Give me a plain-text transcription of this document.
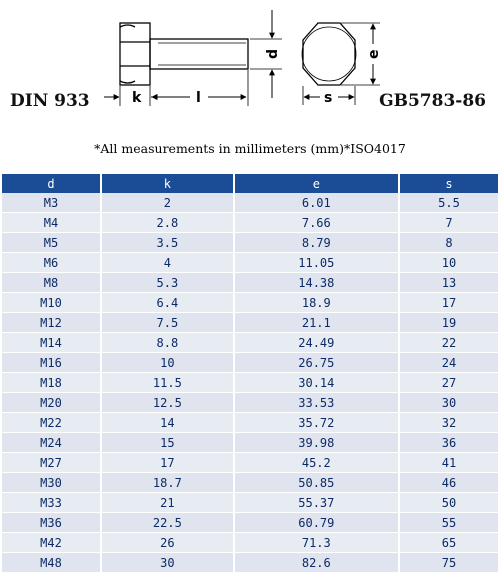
k	l
d
s
e
DIN 933	GB5783-86
*All measurements in millimeters (mm)*ISO4017
d	k	e	s
M3	2	6.01	5.5
M4	2.8	7.66	7
M5	3.5	8.79	8
M6	4	11.05	10
M8	5.3	14.38	13
M10	6.4	18.9	17
M12	7.5	21.1	19
M14	8.8	24.49	22
M16	10	26.75	24
M18	11.5	30.14	27
M20	12.5	33.53	30
M22	14	35.72	32
M24	15	39.98	36
M27	17	45.2	41
M30	18.7	50.85	46
M33	21	55.37	50
M36	22.5	60.79	55
M42	26	71.3	65
M48	30	82.6	75
